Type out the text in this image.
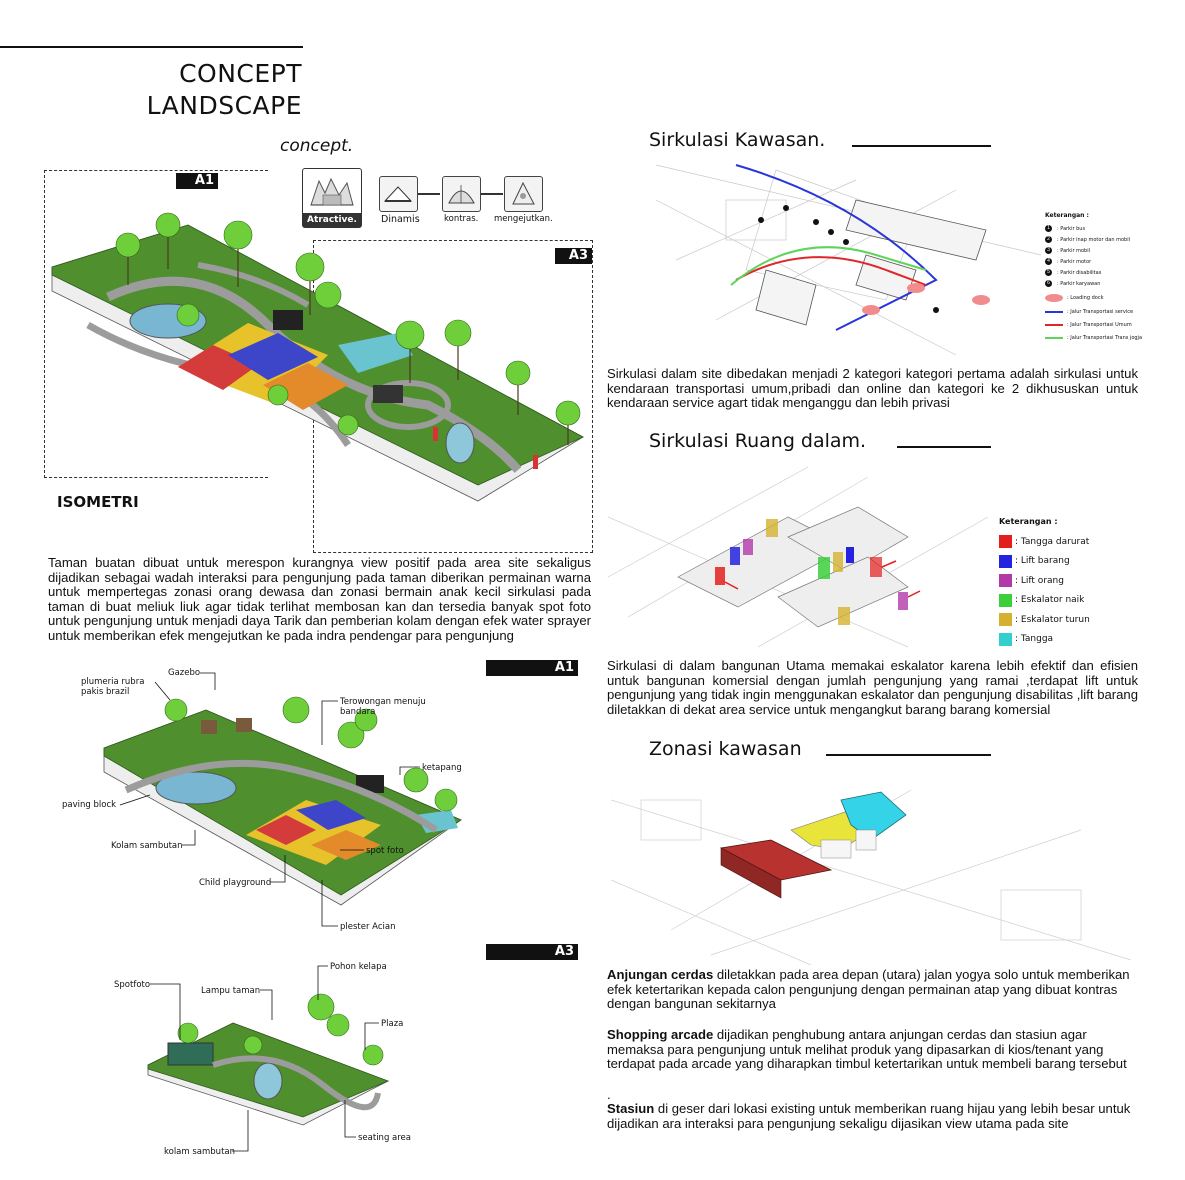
CONCEPT
LANDSCAPE
concept.
Atractive.	Dinamis	kontras. mengejutkan.
A1
A3
ISOMETRI
Taman buatan dibuat untuk merespon kurangnya view positif pada area site sekaligus dijadikan sebagai wadah interaksi para pengunjung pada taman diberikan permainan warna untuk mempertegas zonasi orang dewasa dan zonasi bermain anak kecil sirkulasi pada taman di buat meliuk liuk agar tidak terlihat membosan kan dan tersedia banyak spot foto untuk pengunjung untuk menjadi daya Tarik dan pemberian kolam dengan efek water sprayer untuk memberikan efek mengejutkan ke pada indra pendengar para pengunjung
A1
Gazebo
plumeria rubra
pakis brazil
Terowongan menuju
bandara
ketapang
paving block
Kolam sambutan	spot foto
Child playground
plester Acian
A3
Spotfoto
Lampu taman
Pohon kelapa
Plaza
seating area
kolam sambutan
Sirkulasi Kawasan.
Keterangan :
1	: Parkir bus
2	: Parkir inap motor dan mobil
3	: Parkir mobil
4	: Parkir motor
5	: Parkir disabilitas
6	: Parkir karyawan
: Loading dock
: Jalur Transportasi service
: Jalur Transportasi Umum
: Jalur Transportasi Trans jogja
Sirkulasi dalam site dibedakan menjadi 2 kategori kategori pertama adalah sirkulasi untuk kendaraan transportasi umum,pribadi dan online dan kategori ke 2 dikhususkan untuk kendaraan service agart tidak menganggu dan lebih privasi
Sirkulasi Ruang dalam.
Keterangan :
: Tangga darurat
: Lift barang
: Lift orang
: Eskalator naik
: Eskalator turun
: Tangga
Sirkulasi di dalam bangunan Utama memakai eskalator karena lebih efektif dan efisien untuk bangunan komersial dengan jumlah pengunjung yang ramai ,terdapat lift untuk pengunjung yang tidak ingin menggunakan eskalator dan pengunjung disabilitas ,lift barang diletakkan di dekat area service untuk mengangkut barang barang komersial
Zonasi kawasan
Anjungan cerdas diletakkan pada area depan (utara) jalan yogya solo untuk memberikan efek ketertarikan kepada calon pengunjung dengan permainan atap yang dibuat kontras dengan bangunan sekitarnya
Shopping arcade dijadikan penghubung antara anjungan cerdas dan stasiun agar memaksa para pengunjung untuk melihat produk yang dipasarkan di kios/tenant yang terdapat pada arcade yang diharapkan timbul ketertarikan untuk membeli barang tersebut
.
Stasiun di geser dari lokasi existing untuk memberikan ruang hijau yang lebih besar untuk dijadikan ara interaksi para pengunjung sekaligu dijasikan view utama pada site
